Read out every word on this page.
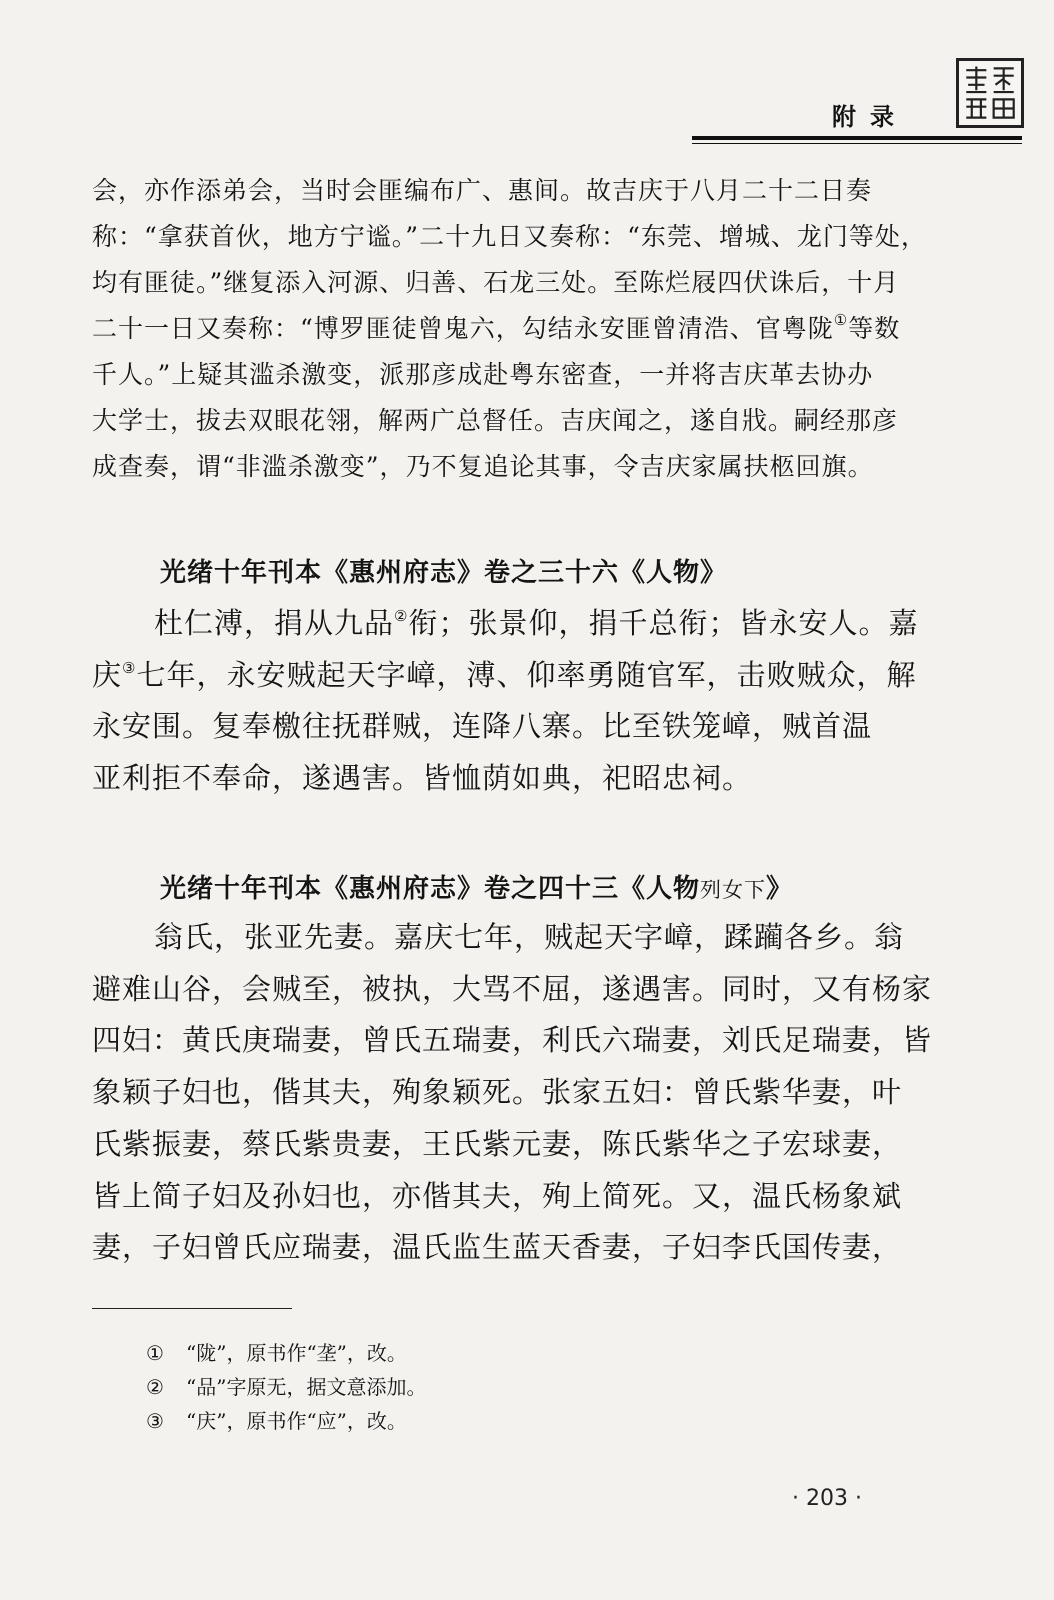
附录
会，亦作添弟会，当时会匪编布广、惠间。故吉庆于八月二十二日奏
称：“拿获首伙，地方宁谧。”二十九日又奏称：“东莞、增城、龙门等处，
均有匪徒。”继复添入河源、归善、石龙三处。至陈烂屐四伏诛后，十月
二十一日又奏称：“博罗匪徒曾鬼六，勾结永安匪曾清浩、官粤陇①等数
千人。”上疑其滥杀激变，派那彦成赴粤东密查，一并将吉庆革去协办
大学士，拔去双眼花翎，解两广总督任。吉庆闻之，遂自戕。嗣经那彦
成查奏，谓“非滥杀激变”，乃不复追论其事，令吉庆家属扶柩回旗。
光绪十年刊本《惠州府志》卷之三十六《人物》
杜仁溥，捐从九品②衔；张景仰，捐千总衔；皆永安人。嘉
庆③七年，永安贼起天字嶂，溥、仰率勇随官军，击败贼众，解
永安围。复奉檄往抚群贼，连降八寨。比至铁笼嶂，贼首温
亚利拒不奉命，遂遇害。皆恤荫如典，祀昭忠祠。
光绪十年刊本《惠州府志》卷之四十三《人物列女下》
翁氏，张亚先妻。嘉庆七年，贼起天字嶂，蹂躏各乡。翁
避难山谷，会贼至，被执，大骂不屈，遂遇害。同时，又有杨家
四妇：黄氏庚瑞妻，曾氏五瑞妻，利氏六瑞妻，刘氏足瑞妻，皆
象颖子妇也，偕其夫，殉象颖死。张家五妇：曾氏紫华妻，叶
氏紫振妻，蔡氏紫贵妻，王氏紫元妻，陈氏紫华之子宏球妻，
皆上简子妇及孙妇也，亦偕其夫，殉上简死。又，温氏杨象斌
妻，子妇曾氏应瑞妻，温氏监生蓝天香妻，子妇李氏国传妻，
① “陇”，原书作“垄”，改。
② “品”字原无，据文意添加。
③ “庆”，原书作“应”，改。
· 203 ·
